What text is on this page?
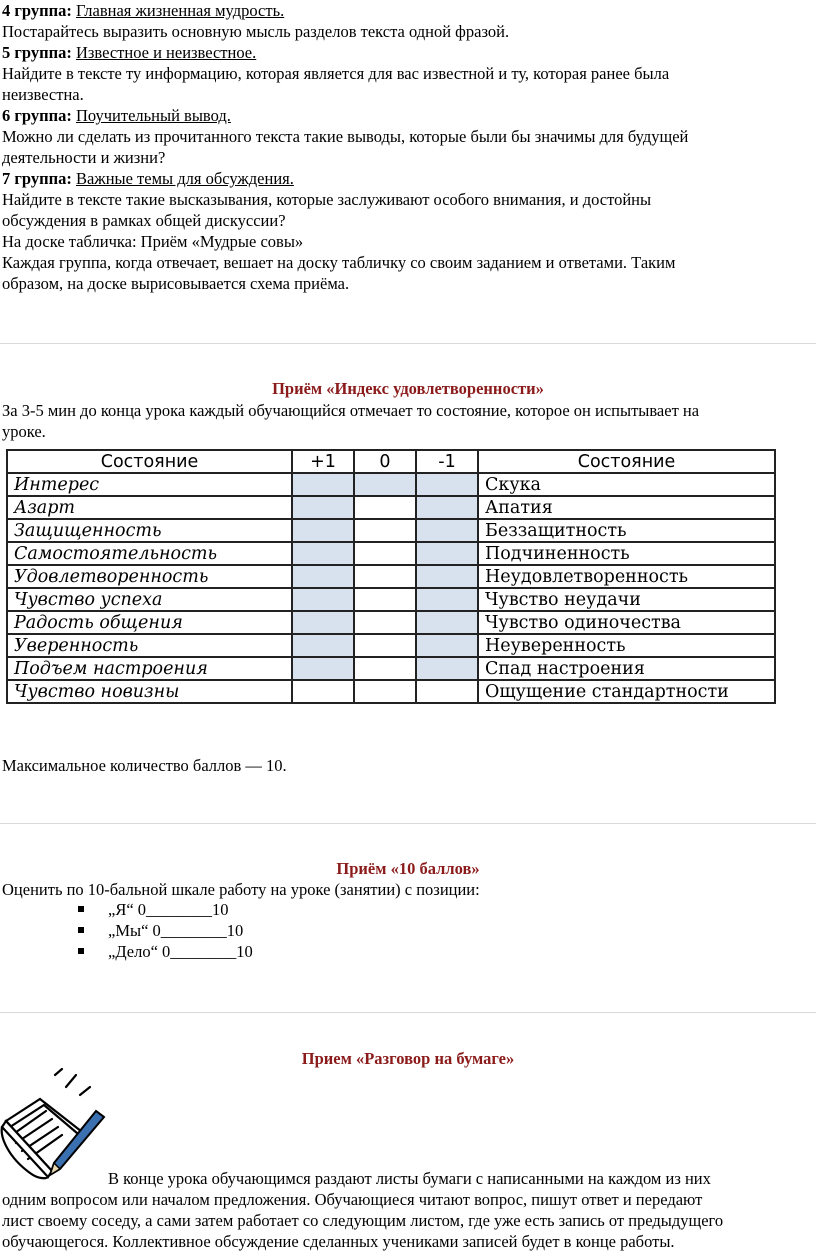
4 группа: Главная жизненная мудрость.
Постарайтесь выразить основную мысль разделов текста одной фразой.
5 группа: Известное и неизвестное.
Найдите в тексте ту информацию, которая является для вас известной и ту, которая ранее была
неизвестна.
6 группа: Поучительный вывод.
Можно ли сделать из прочитанного текста такие выводы, которые были бы значимы для будущей
деятельности и жизни?
7 группа: Важные темы для обсуждения.
Найдите в тексте такие высказывания, которые заслуживают особого внимания, и достойны
обсуждения в рамках общей дискуссии?
На доске табличка: Приём «Мудрые совы»
Каждая группа, когда отвечает, вешает на доску табличку со своим заданием и ответами. Таким
образом, на доске вырисовывается схема приёма.
Приём «Индекс удовлетворенности»
За 3-5 мин до конца урока каждый обучающийся отмечает то состояние, которое он испытывает на
уроке.
Состояние	+1	0	-1	Состояние
Интерес				Скука
Азарт				Апатия
Защищенность				Беззащитность
Самостоятельность				Подчиненность
Удовлетворенность				Неудовлетворенность
Чувство успеха				Чувство неудачи
Радость общения				Чувство одиночества
Уверенность				Неуверенность
Подъем настроения				Спад настроения
Чувство новизны				Ощущение стандартности
Максимальное количество баллов — 10.
Приём «10 баллов»
Оценить по 10-бальной шкале работу на уроке (занятии) с позиции:
„Я“ 0________10
„Мы“ 0________10
„Дело“ 0________10
Прием «Разговор на бумаге»
В конце урока обучающимся раздают листы бумаги с написанными на каждом из них
одним вопросом или началом предложения. Обучающиеся читают вопрос, пишут ответ и передают
лист своему соседу, а сами затем работает со следующим листом, где уже есть запись от предыдущего
обучающегося. Коллективное обсуждение сделанных учениками записей будет в конце работы.
